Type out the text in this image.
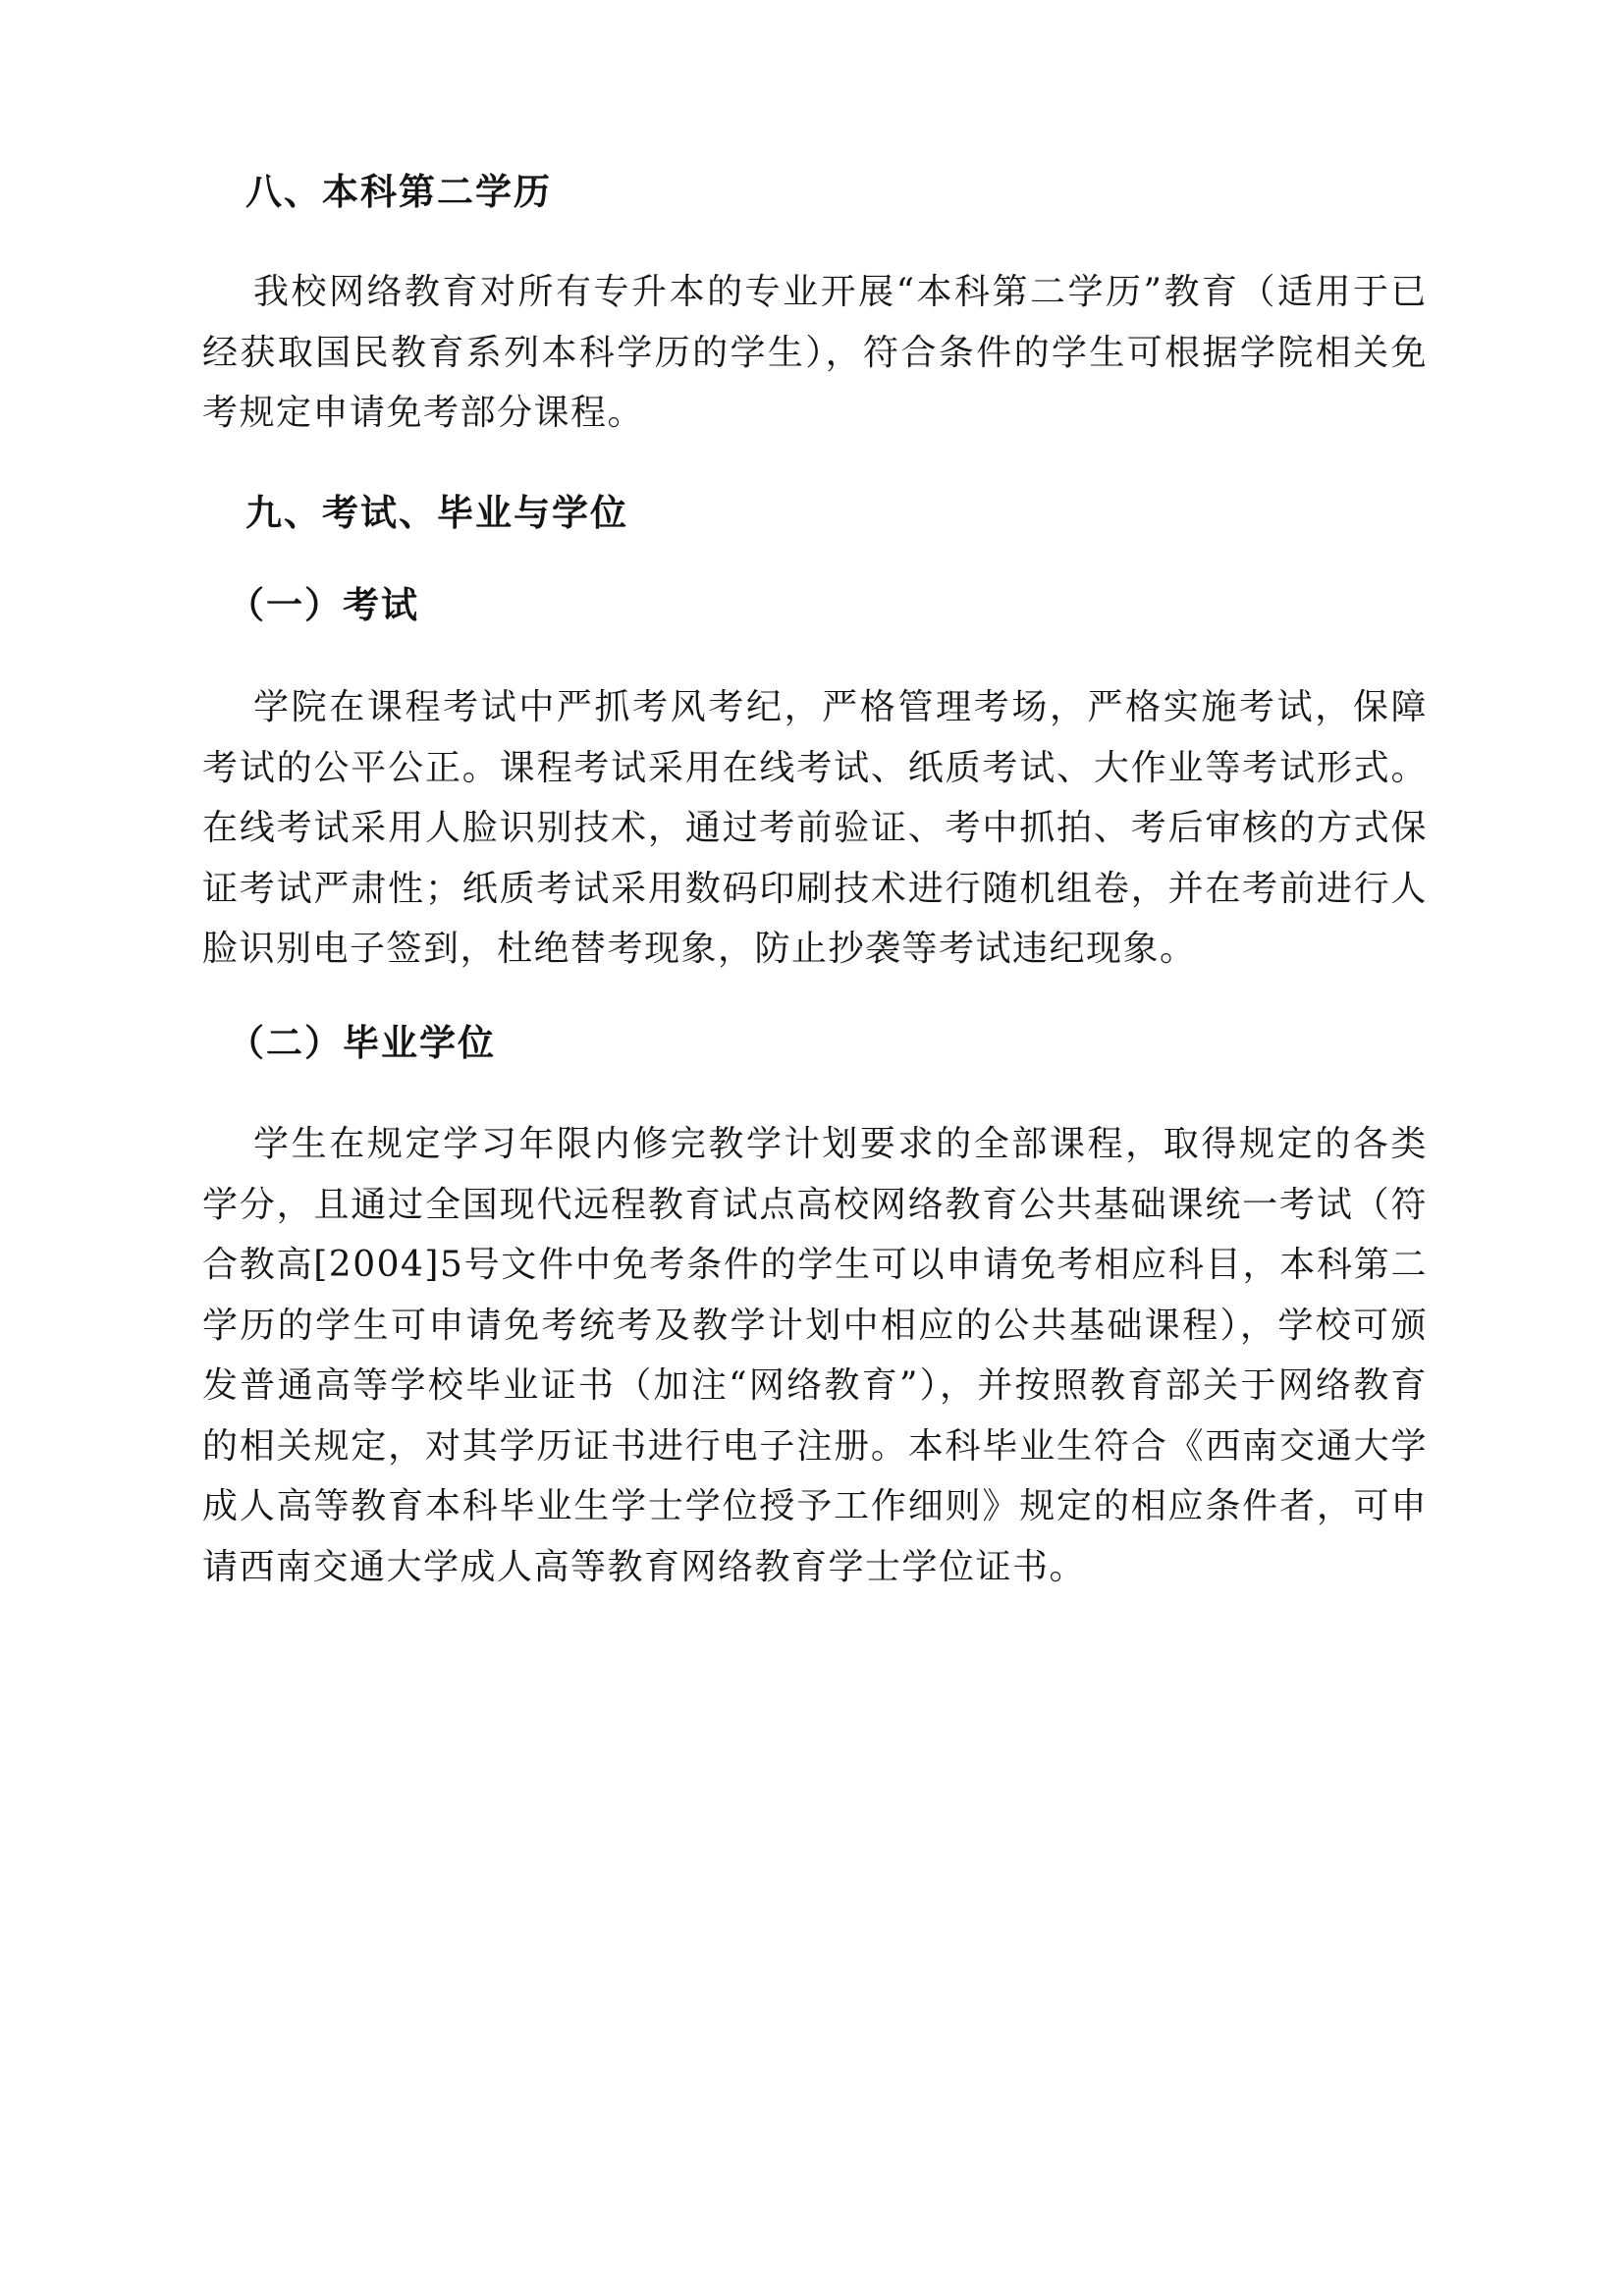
八、本科第二学历
我校网络教育对所有专升本的专业开展“本科第二学历”教育（适用于已经获取国民教育系列本科学历的学生），符合条件的学生可根据学院相关免考规定申请免考部分课程。
九、考试、毕业与学位
（一）考试
学院在课程考试中严抓考风考纪，严格管理考场，严格实施考试，保障考试的公平公正。课程考试采用在线考试、纸质考试、大作业等考试形式。在线考试采用人脸识别技术，通过考前验证、考中抓拍、考后审核的方式保证考试严肃性；纸质考试采用数码印刷技术进行随机组卷，并在考前进行人脸识别电子签到，杜绝替考现象，防止抄袭等考试违纪现象。
（二）毕业学位
学生在规定学习年限内修完教学计划要求的全部课程，取得规定的各类学分，且通过全国现代远程教育试点高校网络教育公共基础课统一考试（符合教高[2004]5号文件中免考条件的学生可以申请免考相应科目，本科第二学历的学生可申请免考统考及教学计划中相应的公共基础课程），学校可颁发普通高等学校毕业证书（加注“网络教育”），并按照教育部关于网络教育的相关规定，对其学历证书进行电子注册。本科毕业生符合《西南交通大学成人高等教育本科毕业生学士学位授予工作细则》规定的相应条件者，可申请西南交通大学成人高等教育网络教育学士学位证书。
